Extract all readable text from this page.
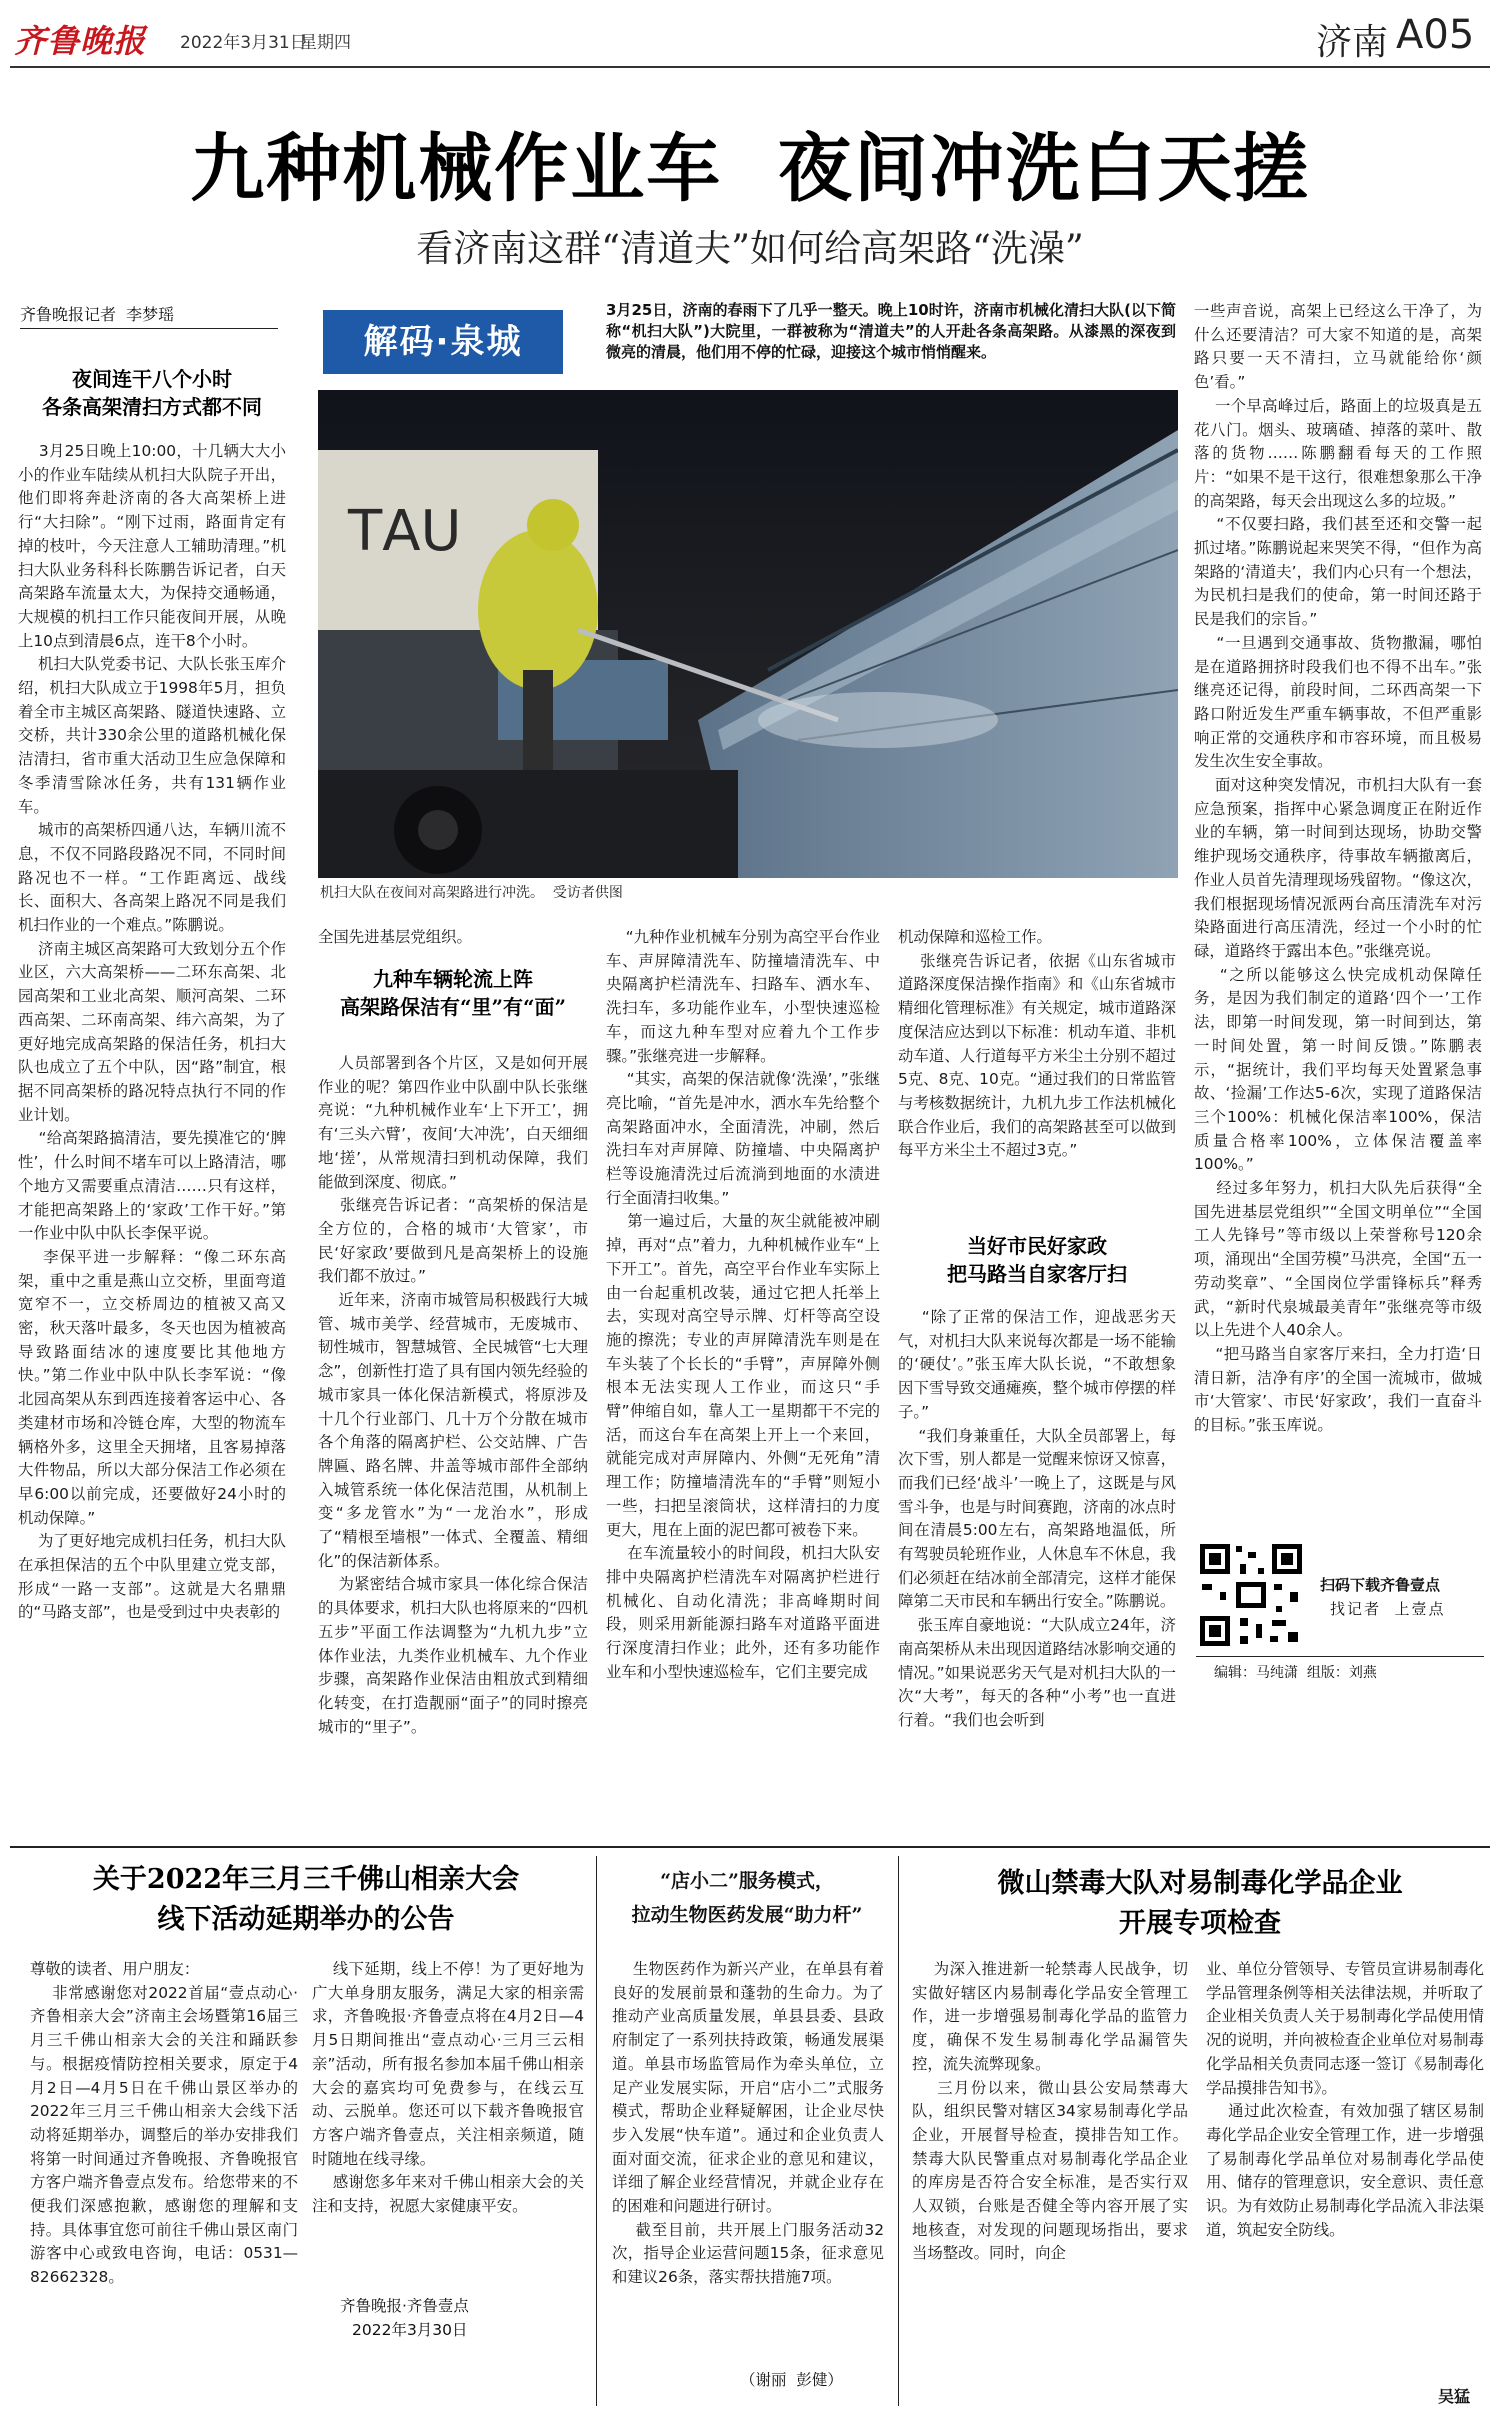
齐鲁晚报 2022年3月31日
星期四	济南 A05
九种机械作业车  夜间冲洗白天搓
看济南这群“清道夫”如何给高架路“洗澡”
齐鲁晚报记者  李梦瑶
解码·泉城
3月25日，济南的春雨下了几乎一整天。晚上10时许，济南市机械化清扫大队(以下简称“机扫大队”)大院里，一群被称为“清道夫”的人开赴各条高架路。从漆黑的深夜到微亮的清晨，他们用不停的忙碌，迎接这个城市悄悄醒来。
ΤΑU
机扫大队在夜间对高架路进行冲洗。  受访者供图
夜间连干八个小时
各条高架清扫方式都不同
3月25日晚上10:00，十几辆大大小小的作业车陆续从机扫大队院子开出，他们即将奔赴济南的各大高架桥上进行“大扫除”。“刚下过雨，路面肯定有掉的枝叶，今天注意人工辅助清理。”机扫大队业务科科长陈鹏告诉记者，白天高架路车流量太大，为保持交通畅通，大规模的机扫工作只能夜间开展，从晚上10点到清晨6点，连干8个小时。
机扫大队党委书记、大队长张玉库介绍，机扫大队成立于1998年5月，担负着全市主城区高架路、隧道快速路、立交桥，共计330余公里的道路机械化保洁清扫，省市重大活动卫生应急保障和冬季清雪除冰任务，共有131辆作业车。
城市的高架桥四通八达，车辆川流不息，不仅不同路段路况不同，不同时间路况也不一样。“工作距离远、战线长、面积大、各高架上路况不同是我们机扫作业的一个难点。”陈鹏说。
济南主城区高架路可大致划分五个作业区，六大高架桥——二环东高架、北园高架和工业北高架、顺河高架、二环西高架、二环南高架、纬六高架，为了更好地完成高架路的保洁任务，机扫大队也成立了五个中队，因“路”制宜，根据不同高架桥的路况特点执行不同的作业计划。
“给高架路搞清洁，要先摸准它的‘脾性’，什么时间不堵车可以上路清洁，哪个地方又需要重点清洁……只有这样，才能把高架路上的‘家政’工作干好。”第一作业中队中队长李保平说。
李保平进一步解释：“像二环东高架，重中之重是燕山立交桥，里面弯道宽窄不一，立交桥周边的植被又高又密，秋天落叶最多，冬天也因为植被高导致路面结冰的速度要比其他地方快。”第二作业中队中队长李军说：“像北园高架从东到西连接着客运中心、各类建材市场和冷链仓库，大型的物流车辆格外多，这里全天拥堵，且客易掉落大件物品，所以大部分保洁工作必须在早6:00以前完成，还要做好24小时的机动保障。”
为了更好地完成机扫任务，机扫大队在承担保洁的五个中队里建立党支部，形成“一路一支部”。这就是大名鼎鼎的“马路支部”，也是受到过中央表彰的
全国先进基层党组织。
九种车辆轮流上阵
高架路保洁有“里”有“面”
人员部署到各个片区，又是如何开展作业的呢？第四作业中队副中队长张继亮说：“九种机械作业车‘上下开工’，拥有‘三头六臂’，夜间‘大冲洗’，白天细细地‘搓’，从常规清扫到机动保障，我们能做到深度、彻底。”
张继亮告诉记者：“高架桥的保洁是全方位的，合格的城市‘大管家’，市民‘好家政’要做到凡是高架桥上的设施我们都不放过。”
近年来，济南市城管局积极践行大城管、城市美学、经营城市，无废城市、韧性城市，智慧城管、全民城管“七大理念”，创新性打造了具有国内领先经验的城市家具一体化保洁新模式，将原涉及十几个行业部门、几十万个分散在城市各个角落的隔离护栏、公交站牌、广告牌匾、路名牌、井盖等城市部件全部纳入城管系统一体化保洁范围，从机制上变“多龙管水”为“一龙治水”，形成了“精根至墙根”一体式、全覆盖、精细化”的保洁新体系。
为紧密结合城市家具一体化综合保洁的具体要求，机扫大队也将原来的“四机五步”平面工作法调整为“九机九步”立体作业法，九类作业机械车、九个作业步骤，高架路作业保洁由粗放式到精细化转变，在打造靓丽“面子”的同时擦亮城市的“里子”。
“九种作业机械车分别为高空平台作业车、声屏障清洗车、防撞墙清洗车、中央隔离护栏清洗车、扫路车、洒水车、洗扫车，多功能作业车，小型快速巡检车，而这九种车型对应着九个工作步骤。”张继亮进一步解释。
“其实，高架的保洁就像‘洗澡’，”张继亮比喻，“首先是冲水，洒水车先给整个高架路面冲水，全面清洗，冲刷，然后洗扫车对声屏障、防撞墙、中央隔离护栏等设施清洗过后流淌到地面的水渍进行全面清扫收集。”
第一遍过后，大量的灰尘就能被冲刷掉，再对“点”着力，九种机械作业车“上下开工”。首先，高空平台作业车实际上由一台起重机改装，通过它把人托举上去，实现对高空导示牌、灯杆等高空设施的擦洗；专业的声屏障清洗车则是在车头装了个长长的“手臂”，声屏障外侧根本无法实现人工作业，而这只“手臂”伸缩自如，靠人工一星期都干不完的活，而这台车在高架上开上一个来回，就能完成对声屏障内、外侧“无死角”清理工作；防撞墙清洗车的“手臂”则短小一些，扫把呈滚筒状，这样清扫的力度更大，甩在上面的泥巴都可被卷下来。
在车流量较小的时间段，机扫大队安排中央隔离护栏清洗车对隔离护栏进行机械化、自动化清洗；非高峰期时间段，则采用新能源扫路车对道路平面进行深度清扫作业；此外，还有多功能作业车和小型快速巡检车，它们主要完成
机动保障和巡检工作。
张继亮告诉记者，依据《山东省城市道路深度保洁操作指南》和《山东省城市精细化管理标准》有关规定，城市道路深度保洁应达到以下标准：机动车道、非机动车道、人行道每平方米尘土分别不超过5克、8克、10克。“通过我们的日常监管与考核数据统计，九机九步工作法机械化联合作业后，我们的高架路甚至可以做到每平方米尘土不超过3克。”
当好市民好家政
把马路当自家客厅扫
“除了正常的保洁工作，迎战恶劣天气，对机扫大队来说每次都是一场不能输的‘硬仗’。”张玉库大队长说，“不敢想象因下雪导致交通瘫痪，整个城市停摆的样子。”
“我们身兼重任，大队全员部署上，每次下雪，别人都是一觉醒来惊讶又惊喜，而我们已经‘战斗’一晚上了，这既是与风雪斗争，也是与时间赛跑，济南的冰点时间在清晨5:00左右，高架路地温低，所有驾驶员轮班作业，人休息车不休息，我们必须赶在结冰前全部清完，这样才能保障第二天市民和车辆出行安全。”陈鹏说。
张玉库自豪地说：“大队成立24年，济南高架桥从未出现因道路结冰影响交通的情况。”如果说恶劣天气是对机扫大队的一次“大考”，每天的各种“小考”也一直进行着。“我们也会听到
一些声音说，高架上已经这么干净了，为什么还要清洁？可大家不知道的是，高架路只要一天不清扫，立马就能给你‘颜色’看。”
一个早高峰过后，路面上的垃圾真是五花八门。烟头、玻璃碴、掉落的菜叶、散落的货物……陈鹏翻看每天的工作照片：“如果不是干这行，很难想象那么干净的高架路，每天会出现这么多的垃圾。”
“不仅要扫路，我们甚至还和交警一起抓过堵。”陈鹏说起来哭笑不得，“但作为高架路的‘清道夫’，我们内心只有一个想法，为民机扫是我们的使命，第一时间还路于民是我们的宗旨。”
“一旦遇到交通事故、货物撒漏，哪怕是在道路拥挤时段我们也不得不出车。”张继亮还记得，前段时间，二环西高架一下路口附近发生严重车辆事故，不但严重影响正常的交通秩序和市容环境，而且极易发生次生安全事故。
面对这种突发情况，市机扫大队有一套应急预案，指挥中心紧急调度正在附近作业的车辆，第一时间到达现场，协助交警维护现场交通秩序，待事故车辆撤离后，作业人员首先清理现场残留物。“像这次，我们根据现场情况派两台高压清洗车对污染路面进行高压清洗，经过一个小时的忙碌，道路终于露出本色。”张继亮说。
“之所以能够这么快完成机动保障任务，是因为我们制定的道路‘四个一’工作法，即第一时间发现，第一时间到达，第一时间处置，第一时间反馈。”陈鹏表示，“据统计，我们平均每天处置紧急事故、‘捡漏’工作达5-6次，实现了道路保洁三个100%：机械化保洁率100%，保洁质量合格率100%，立体保洁覆盖率100%。”
经过多年努力，机扫大队先后获得“全国先进基层党组织”“全国文明单位”“全国工人先锋号”等市级以上荣誉称号120余项，涌现出“全国劳模”马洪亮，全国“五一劳动奖章”、“全国岗位学雷锋标兵”释秀武，“新时代泉城最美青年”张继亮等市级以上先进个人40余人。
“把马路当自家客厅来扫，全力打造‘日清日新，洁净有序’的全国一流城市，做城市‘大管家’、市民‘好家政’，我们一直奋斗的目标。”张玉库说。
扫码下载齐鲁壹点
找记者  上壹点
编辑：马纯潇  组版：刘燕
关于2022年三月三千佛山相亲大会
线下活动延期举办的公告
尊敬的读者、用户朋友：
非常感谢您对2022首届“壹点动心·齐鲁相亲大会”济南主会场暨第16届三月三千佛山相亲大会的关注和踊跃参与。根据疫情防控相关要求，原定于4月2日—4月5日在千佛山景区举办的2022年三月三千佛山相亲大会线下活动将延期举办，调整后的举办安排我们将第一时间通过齐鲁晚报、齐鲁晚报官方客户端齐鲁壹点发布。给您带来的不便我们深感抱歉，感谢您的理解和支持。具体事宜您可前往千佛山景区南门游客中心或致电咨询，电话：0531—82662328。
线下延期，线上不停！为了更好地为广大单身朋友服务，满足大家的相亲需求，齐鲁晚报·齐鲁壹点将在4月2日—4月5日期间推出“壹点动心·三月三云相亲”活动，所有报名参加本届千佛山相亲大会的嘉宾均可免费参与，在线云互动、云脱单。您还可以下载齐鲁晚报官方客户端齐鲁壹点，关注相亲频道，随时随地在线寻缘。
感谢您多年来对千佛山相亲大会的关注和支持，祝愿大家健康平安。
齐鲁晚报·齐鲁壹点
2022年3月30日
“店小二”服务模式，
拉动生物医药发展“助力杆”
生物医药作为新兴产业，在单县有着良好的发展前景和蓬勃的生命力。为了推动产业高质量发展，单县县委、县政府制定了一系列扶持政策，畅通发展渠道。单县市场监管局作为牵头单位，立足产业发展实际，开启“店小二”式服务模式，帮助企业释疑解困，让企业尽快步入发展“快车道”。通过和企业负责人面对面交流，征求企业的意见和建议，详细了解企业经营情况，并就企业存在的困难和问题进行研讨。
截至目前，共开展上门服务活动32次，指导企业运营问题15条，征求意见和建议26条，落实帮扶措施7项。
（谢丽  彭健）
微山禁毒大队对易制毒化学品企业
开展专项检查
为深入推进新一轮禁毒人民战争，切实做好辖区内易制毒化学品安全管理工作，进一步增强易制毒化学品的监管力度，确保不发生易制毒化学品漏管失控，流失流弊现象。
三月份以来，微山县公安局禁毒大队，组织民警对辖区34家易制毒化学品企业，开展督导检查，摸排告知工作。禁毒大队民警重点对易制毒化学品企业的库房是否符合安全标准，是否实行双人双锁，台账是否健全等内容开展了实地核查，对发现的问题现场指出，要求当场整改。同时，向企
业、单位分管领导、专管员宣讲易制毒化学品管理条例等相关法律法规，并听取了企业相关负责人关于易制毒化学品使用情况的说明，并向被检查企业单位对易制毒化学品相关负责同志逐一签订《易制毒化学品摸排告知书》。
通过此次检查，有效加强了辖区易制毒化学品企业安全管理工作，进一步增强了易制毒化学品单位对易制毒化学品使用、储存的管理意识，安全意识、责任意识。为有效防止易制毒化学品流入非法渠道，筑起安全防线。
吴猛
